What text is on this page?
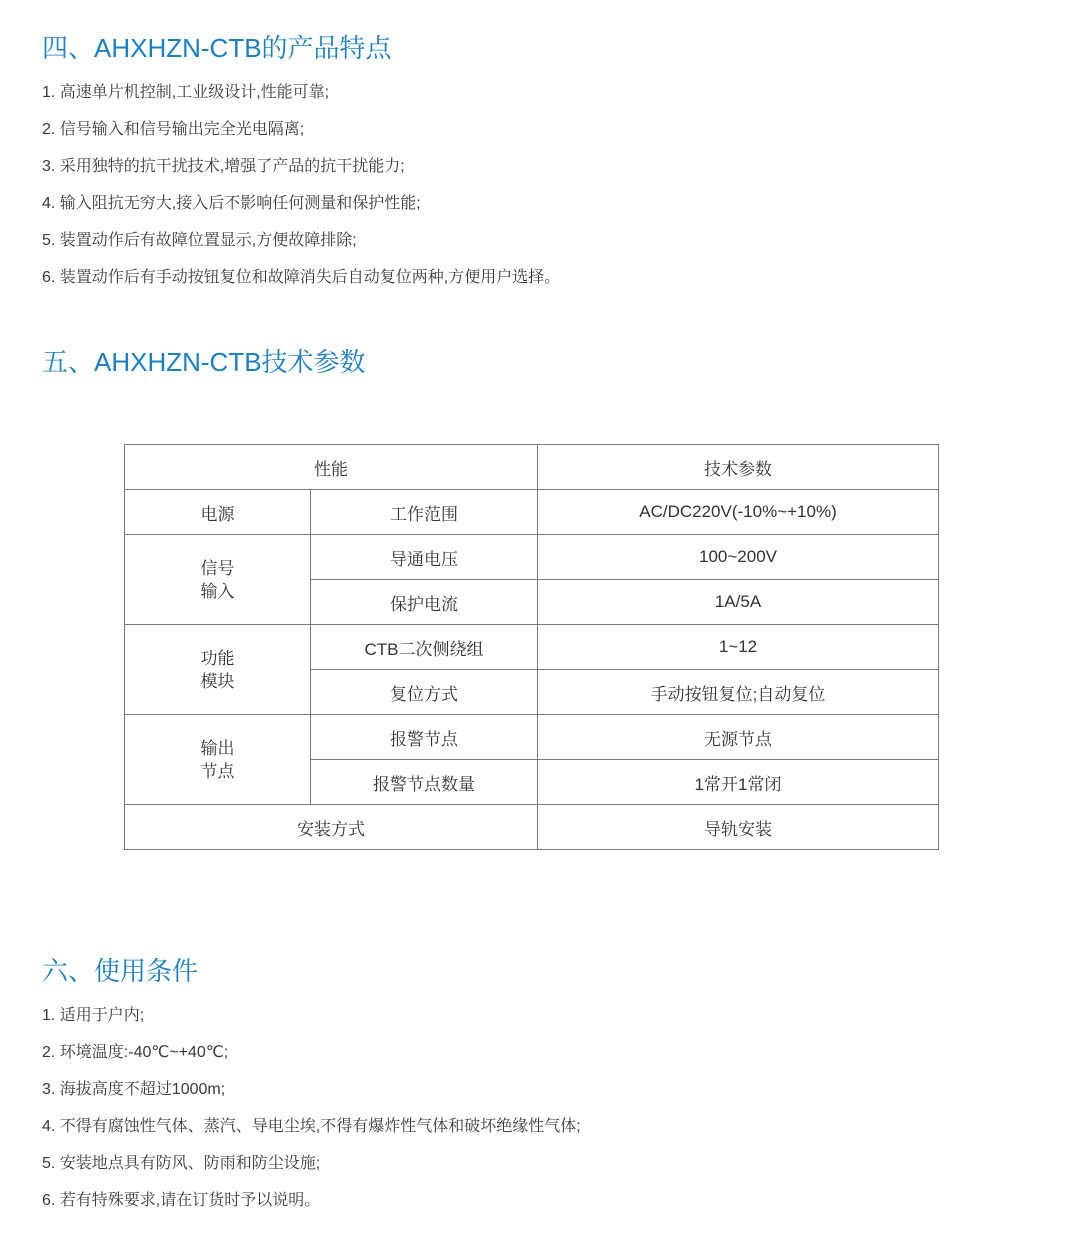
四、AHXHZN-CTB的产品特点
1. 高速单片机控制,工业级设计,性能可靠;
2. 信号输入和信号输出完全光电隔离;
3. 采用独特的抗干扰技术,增强了产品的抗干扰能力;
4. 输入阻抗无穷大,接入后不影响任何测量和保护性能;
5. 装置动作后有故障位置显示,方便故障排除;
6. 装置动作后有手动按钮复位和故障消失后自动复位两种,方便用户选择。
五、AHXHZN-CTB技术参数
性能		技术参数
电源	工作范围	AC/DC220V(-10%~+10%)
信号
输入	导通电压	100~200V
	保护电流	1A/5A
功能
模块	CTB二次侧绕组	1~12
	复位方式	手动按钮复位;自动复位
输出
节点	报警节点	无源节点
	报警节点数量	1常开1常闭
安装方式		导轨安装
六、使用条件
1. 适用于户内;
2. 环境温度:-40℃~+40℃;
3. 海拔高度不超过1000m;
4. 不得有腐蚀性气体、蒸汽、导电尘埃,不得有爆炸性气体和破坏绝缘性气体;
5. 安装地点具有防风、防雨和防尘设施;
6. 若有特殊要求,请在订货时予以说明。
